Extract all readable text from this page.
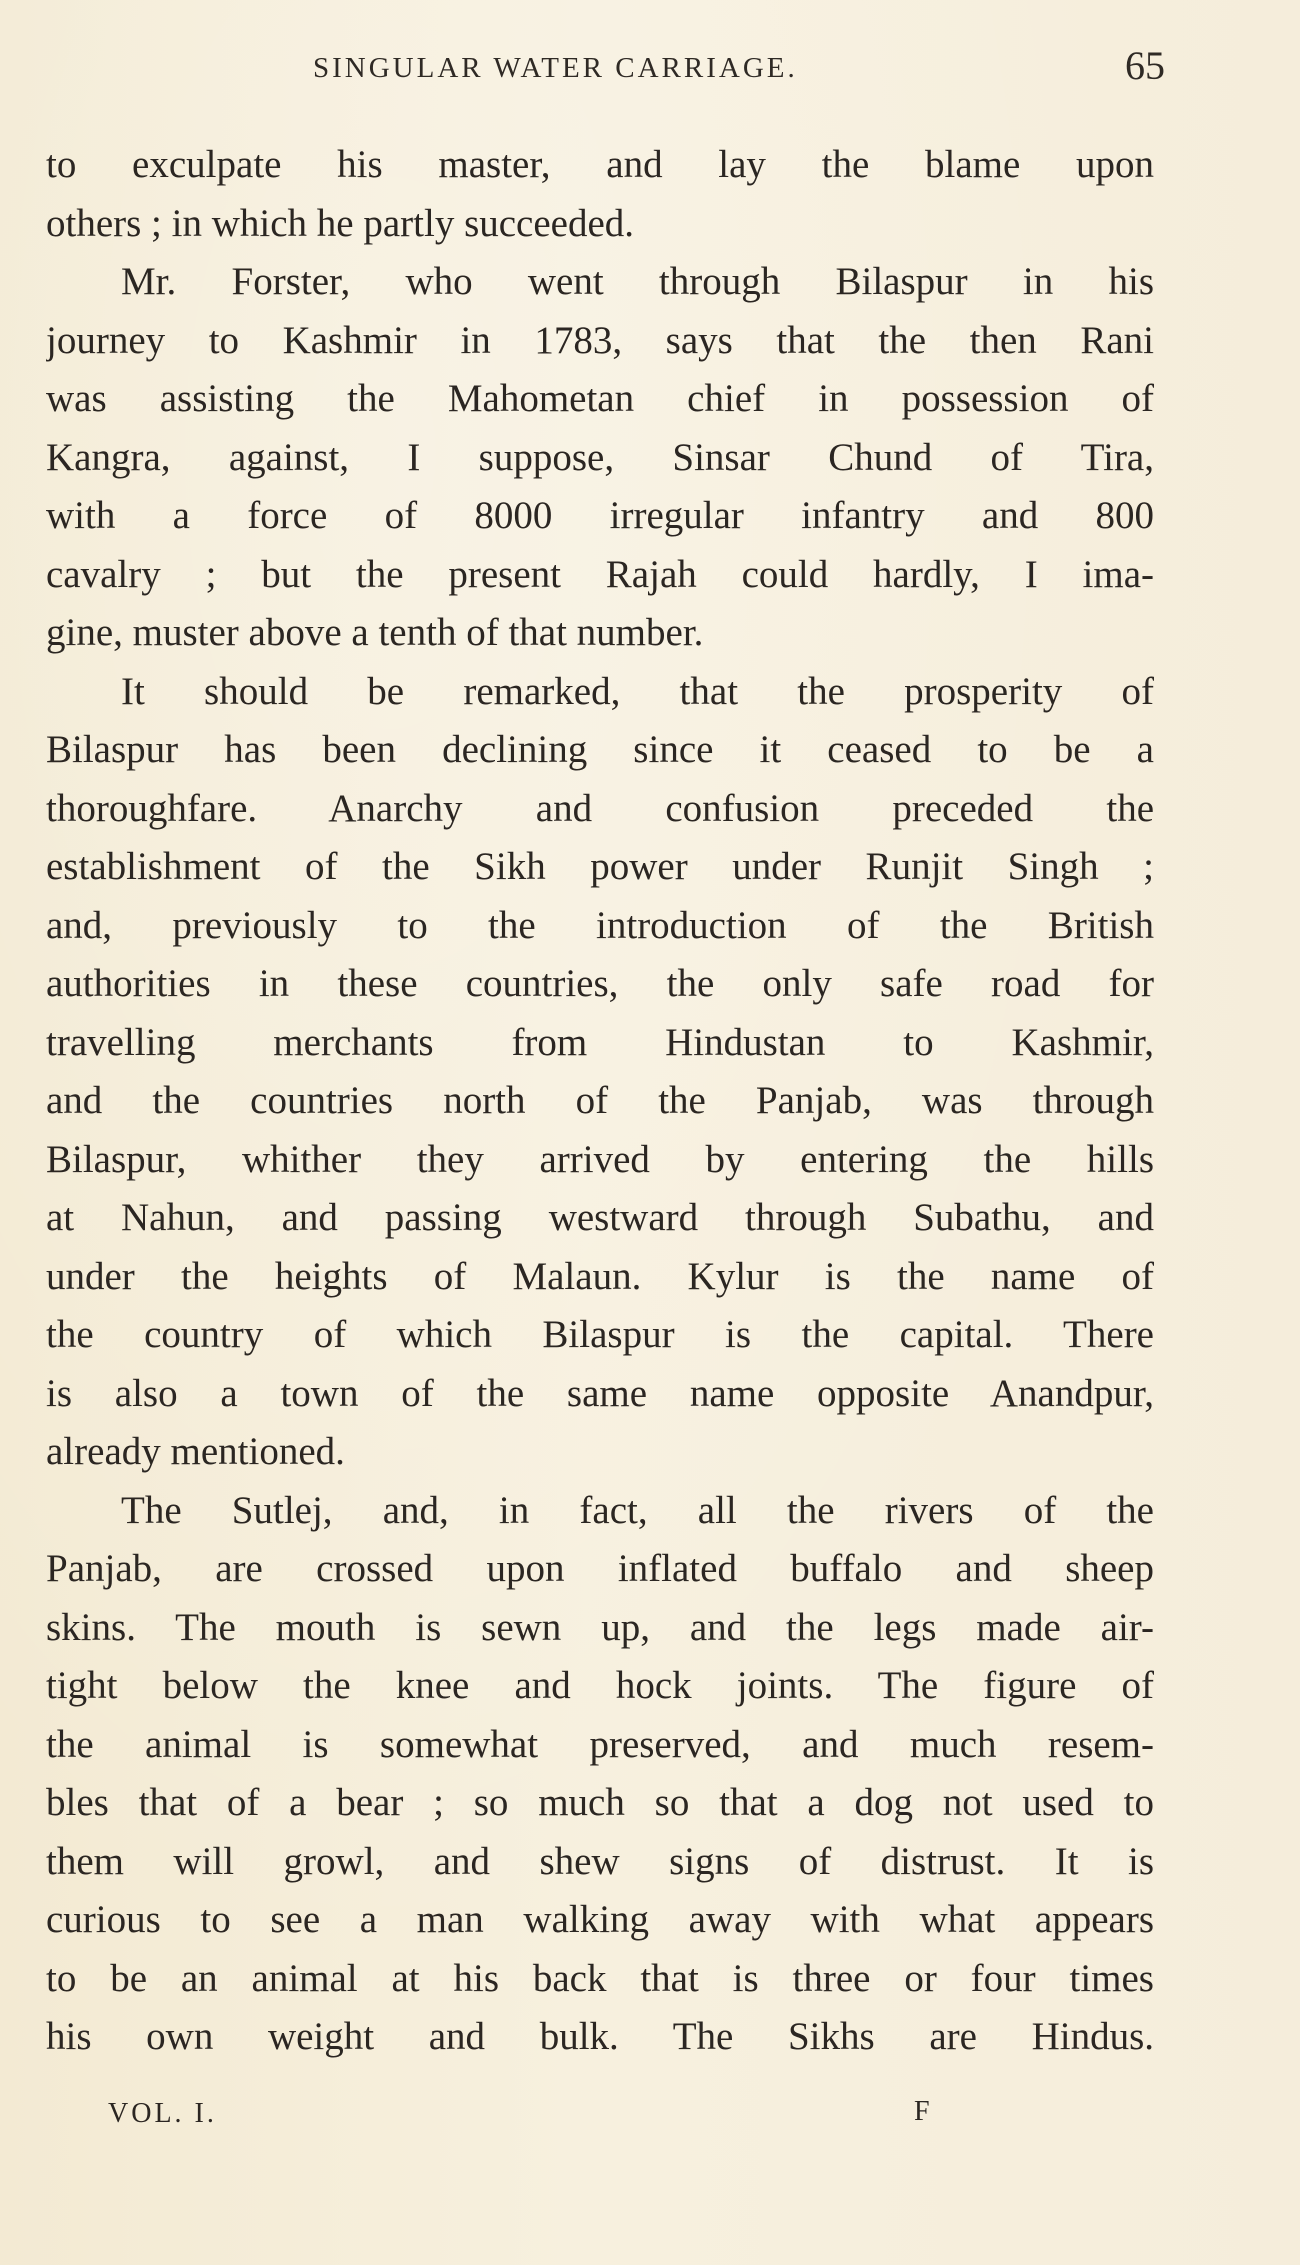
SINGULAR WATER CARRIAGE.	65
to exculpate his master, and lay the blame upon
others ; in which he partly succeeded.
Mr. Forster, who went through Bilaspur in his
journey to Kashmir in 1783, says that the then Rani
was assisting the Mahometan chief in possession of
Kangra, against, I suppose, Sinsar Chund of Tira,
with a force of 8000 irregular infantry and 800
cavalry ; but the present Rajah could hardly, I ima-
gine, muster above a tenth of that number.
It should be remarked, that the prosperity of
Bilaspur has been declining since it ceased to be a
thoroughfare. Anarchy and confusion preceded the
establishment of the Sikh power under Runjit Singh ;
and, previously to the introduction of the British
authorities in these countries, the only safe road for
travelling merchants from Hindustan to Kashmir,
and the countries north of the Panjab, was through
Bilaspur, whither they arrived by entering the hills
at Nahun, and passing westward through Subathu, and
under the heights of Malaun. Kylur is the name of
the country of which Bilaspur is the capital. There
is also a town of the same name opposite Anandpur,
already mentioned.
The Sutlej, and, in fact, all the rivers of the
Panjab, are crossed upon inflated buffalo and sheep
skins. The mouth is sewn up, and the legs made air-
tight below the knee and hock joints. The figure of
the animal is somewhat preserved, and much resem-
bles that of a bear ; so much so that a dog not used to
them will growl, and shew signs of distrust. It is
curious to see a man walking away with what appears
to be an animal at his back that is three or four times
his own weight and bulk. The Sikhs are Hindus.
VOL. I.	F
